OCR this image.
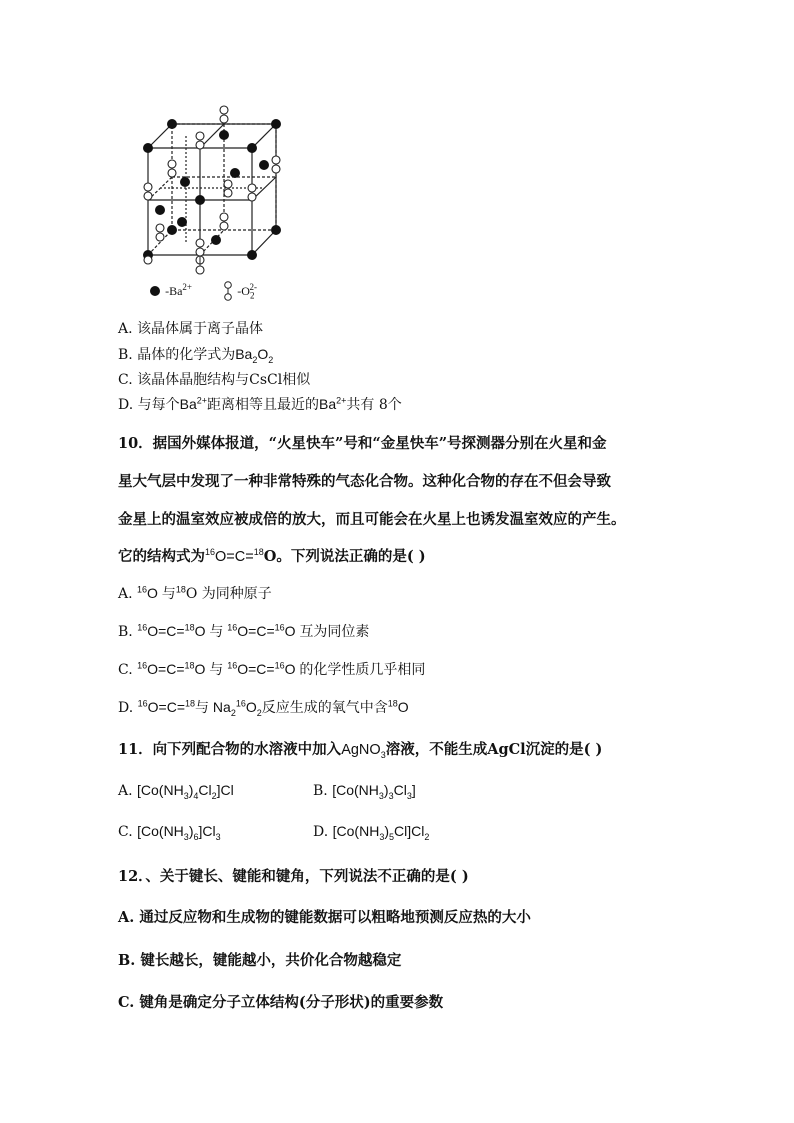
$-Ba^{2+}$	$-O_2^{2-}$
A. 该晶体属于离子晶体
B. 晶体的化学式为$Ba_2O_2$
C. 该晶体晶胞结构与CsCl相似
D. 与每个$Ba^{2+}$距离相等且最近的$Ba^{2+}$共有 8个
10．据国外媒体报道，“火星快车”号和“金星快车”号探测器分别在火星和金
星大气层中发现了一种非常特殊的气态化合物。这种化合物的存在不但会导致
金星上的温室效应被成倍的放大，而且可能会在火星上也诱发温室效应的产生。
它的结构式为$^{16}$O=C=$^{18}$O。下列说法正确的是( )
A. $^{16}$O 与$^{18}$O 为同种原子
B. $^{16}$O=C=$^{18}$O 与 $^{16}$O=C=$^{16}$O 互为同位素
C. $^{16}$O=C=$^{18}$O 与 $^{16}$O=C=$^{16}$O 的化学性质几乎相同
D. $^{16}$O=C=$^{18}$与 $Na_2^{16}O_2$反应生成的氧气中含$^{18}$O
11．向下列配合物的水溶液中加入AgNO$_3$溶液，不能生成AgCl沉淀的是( )
A. $[Co(NH_3)_4Cl_2]Cl$	B. $[Co(NH_3)_3Cl_3]$
C. $[Co(NH_3)_6]Cl_3$	D. $[Co(NH_3)_5Cl]Cl_2$
12．、关于键长、键能和键角，下列说法不正确的是( )
A. 通过反应物和生成物的键能数据可以粗略地预测反应热的大小
B. 键长越长，键能越小，共价化合物越稳定
C. 键角是确定分子立体结构(分子形状)的重要参数
